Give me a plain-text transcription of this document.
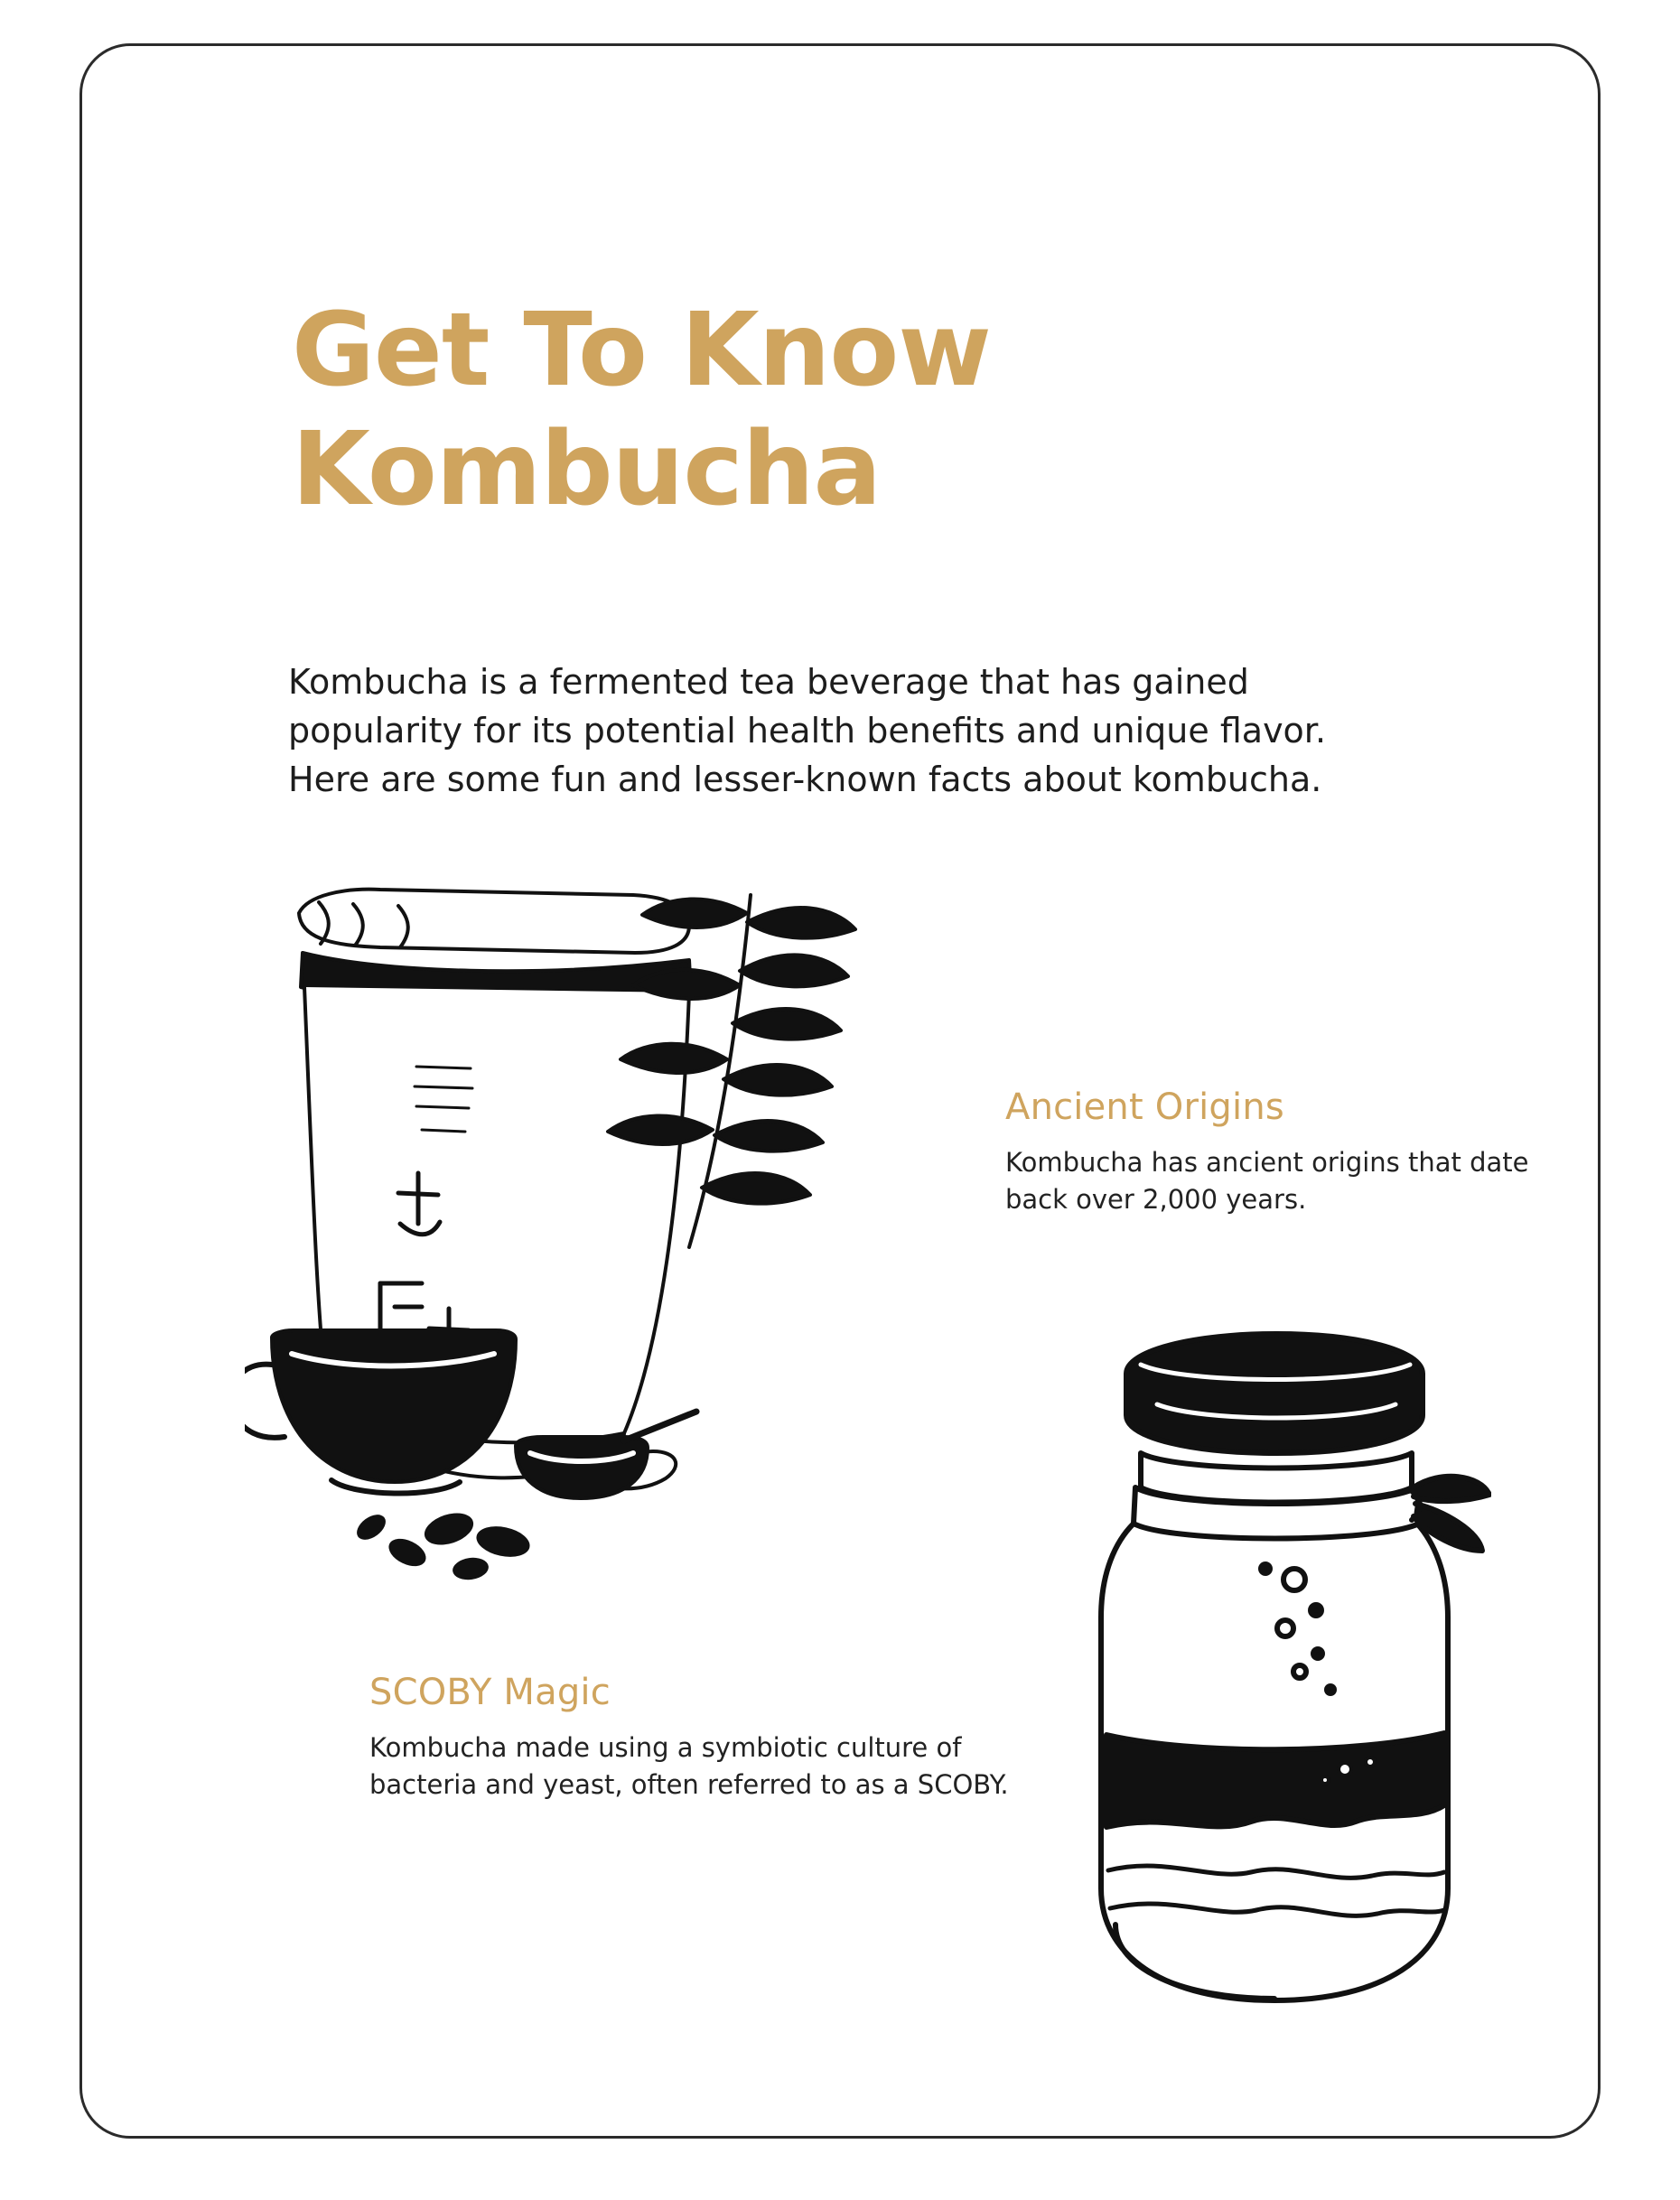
Get To Know Kombucha

Kombucha is a fermented tea beverage that has gained popularity for its potential health benefits and unique flavor. Here are some fun and lesser-known facts about kombucha.

Ancient Origins
Kombucha has ancient origins that date back over 2,000 years.
SCOBY Magic
Kombucha made using a symbiotic culture of bacteria and yeast, often referred to as a SCOBY.
